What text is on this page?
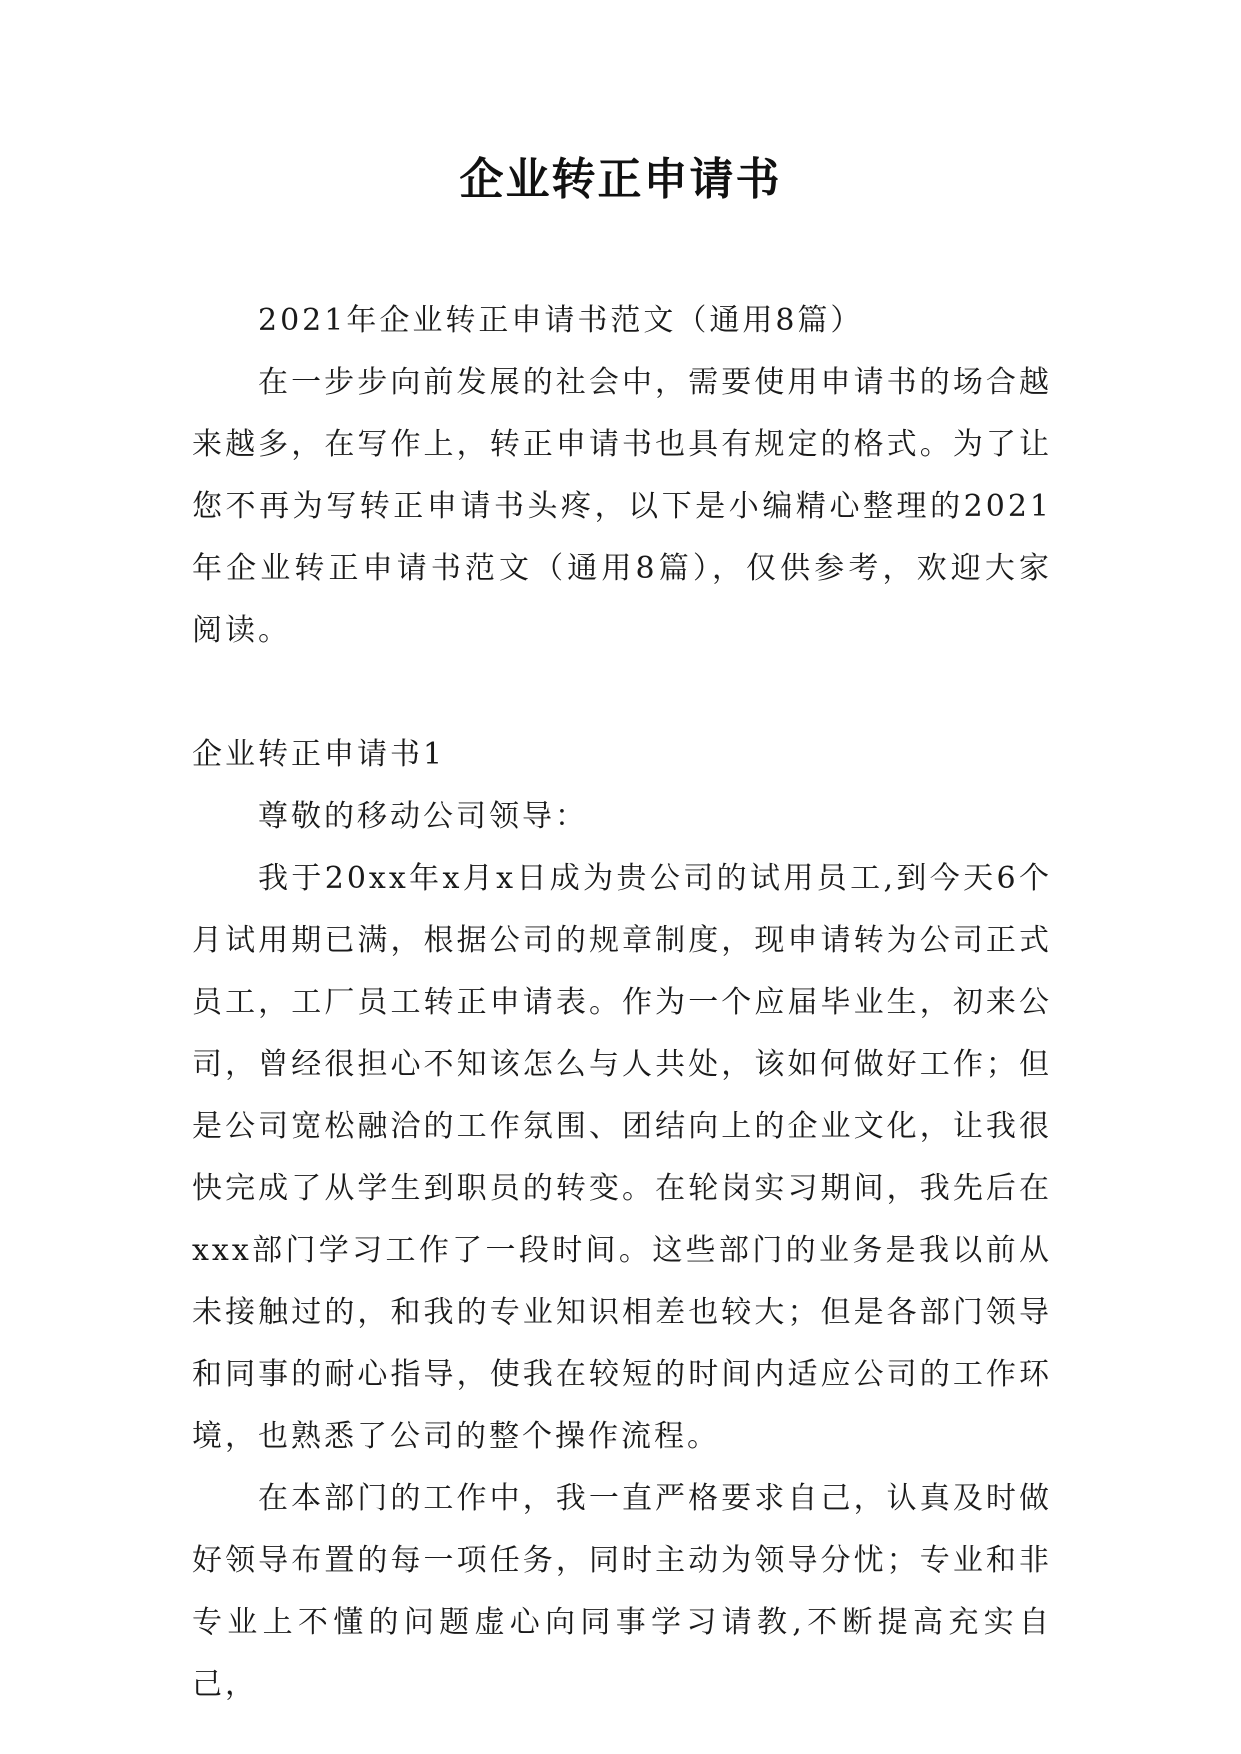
企业转正申请书

2021年企业转正申请书范文（通用8篇）

在一步步向前发展的社会中，需要使用申请书的场合越来越多，在写作上，转正申请书也具有规定的格式。为了让您不再为写转正申请书头疼，以下是小编精心整理的2021年企业转正申请书范文（通用8篇），仅供参考，欢迎大家阅读。

企业转正申请书1

尊敬的移动公司领导：

我于20xx年x月x日成为贵公司的试用员工,到今天6个月试用期已满，根据公司的规章制度，现申请转为公司正式员工，工厂员工转正申请表。作为一个应届毕业生，初来公司，曾经很担心不知该怎么与人共处，该如何做好工作；但是公司宽松融洽的工作氛围、团结向上的企业文化，让我很快完成了从学生到职员的转变。在轮岗实习期间，我先后在xxx部门学习工作了一段时间。这些部门的业务是我以前从未接触过的，和我的专业知识相差也较大；但是各部门领导和同事的耐心指导，使我在较短的时间内适应公司的工作环境，也熟悉了公司的整个操作流程。

在本部门的工作中，我一直严格要求自己，认真及时做好领导布置的每一项任务，同时主动为领导分忧；专业和非专业上不懂的问题虚心向同事学习请教,不断提高充实自己，
